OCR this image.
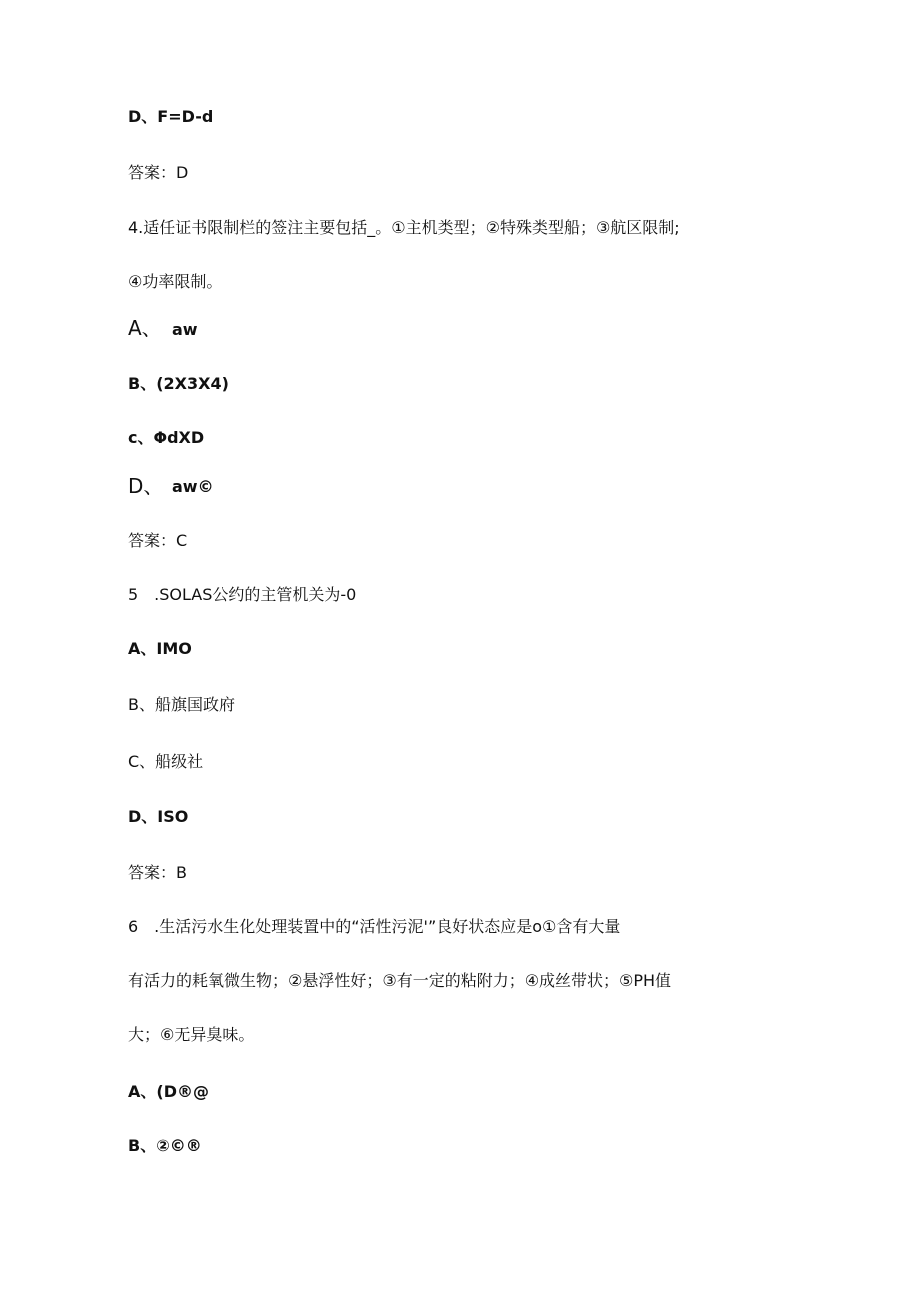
D、F=D-d
答案：D
4.适任证书限制栏的签注主要包括_。①主机类型；②特殊类型船；③航区限制;
④功率限制。
A、 aw
B、(2X3X4)
c、ΦdXD
D、 aw©
答案：C
5　.SOLAS公约的主管机关为-0
A、IMO
B、船旗国政府
C、船级社
D、ISO
答案：B
6　.生活污水生化处理装置中的“活性污泥'”良好状态应是o①含有大量
有活力的耗氧微生物；②悬浮性好；③有一定的粘附力；④成丝带状；⑤PH值
大；⑥无异臭味。
A、(D®@
B、②©®
